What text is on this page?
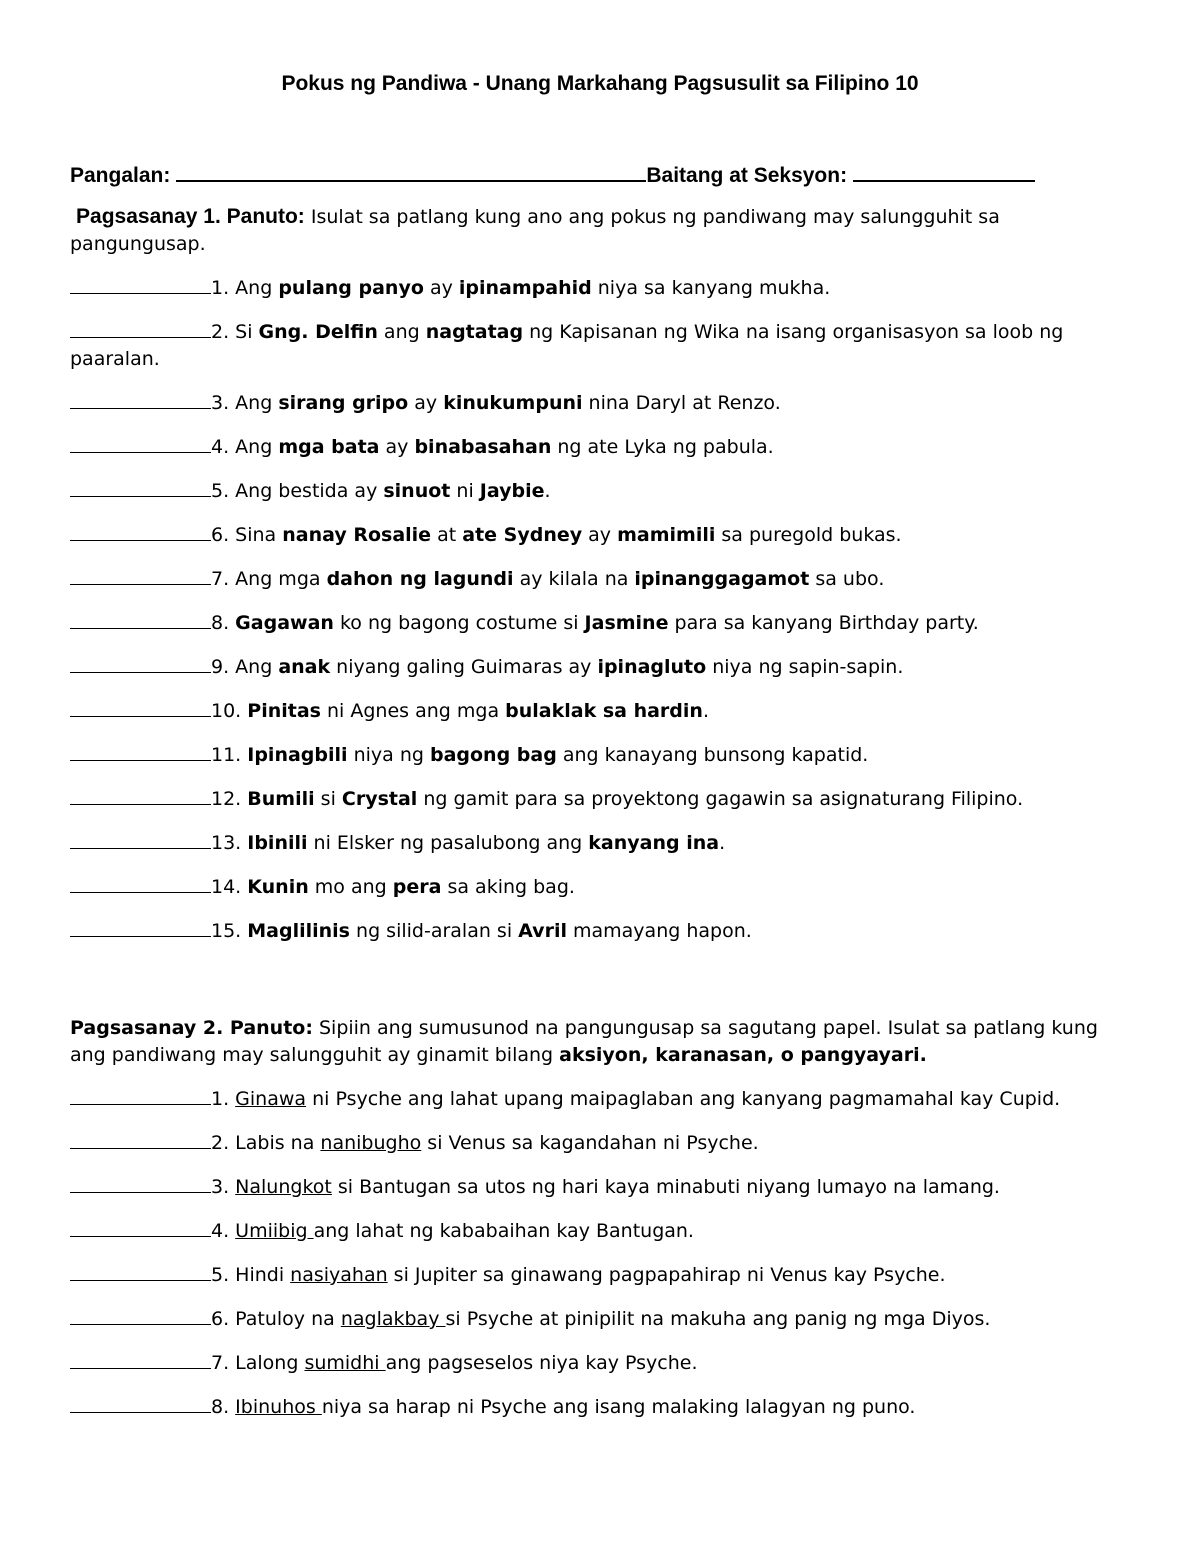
Pokus ng Pandiwa - Unang Markahang Pagsusulit sa Filipino 10
Pangalan:	Baitang at Seksyon:
Pagsasanay 1. Panuto: Isulat sa patlang kung ano ang pokus ng pandiwang may salungguhit sa pangungusap.
1. Ang pulang panyo ay ipinampahid niya sa kanyang mukha.
2. Si Gng. Delfin ang nagtatag ng Kapisanan ng Wika na isang organisasyon sa loob ng paaralan.
3. Ang sirang gripo ay kinukumpuni nina Daryl at Renzo.
4. Ang mga bata ay binabasahan ng ate Lyka ng pabula.
5. Ang bestida ay sinuot ni Jaybie.
6. Sina nanay Rosalie at ate Sydney ay mamimili sa puregold bukas.
7. Ang mga dahon ng lagundi ay kilala na ipinanggagamot sa ubo.
8. Gagawan ko ng bagong costume si Jasmine para sa kanyang Birthday party.
9. Ang anak niyang galing Guimaras ay ipinagluto niya ng sapin-sapin.
10. Pinitas ni Agnes ang mga bulaklak sa hardin.
11. Ipinagbili niya ng bagong bag ang kanayang bunsong kapatid.
12. Bumili si Crystal ng gamit para sa proyektong gagawin sa asignaturang Filipino.
13. Ibinili ni Elsker ng pasalubong ang kanyang ina.
14. Kunin mo ang pera sa aking bag.
15. Maglilinis ng silid-aralan si Avril mamayang hapon.
Pagsasanay 2. Panuto: Sipiin ang sumusunod na pangungusap sa sagutang papel. Isulat sa patlang kung ang pandiwang may salungguhit ay ginamit bilang aksiyon, karanasan, o pangyayari.
1. Ginawa ni Psyche ang lahat upang maipaglaban ang kanyang pagmamahal kay Cupid.
2. Labis na nanibugho si Venus sa kagandahan ni Psyche.
3. Nalungkot si Bantugan sa utos ng hari kaya minabuti niyang lumayo na lamang.
4. Umiibig ang lahat ng kababaihan kay Bantugan.
5. Hindi nasiyahan si Jupiter sa ginawang pagpapahirap ni Venus kay Psyche.
6. Patuloy na naglakbay si Psyche at pinipilit na makuha ang panig ng mga Diyos.
7. Lalong sumidhi ang pagseselos niya kay Psyche.
8. Ibinuhos niya sa harap ni Psyche ang isang malaking lalagyan ng puno.
